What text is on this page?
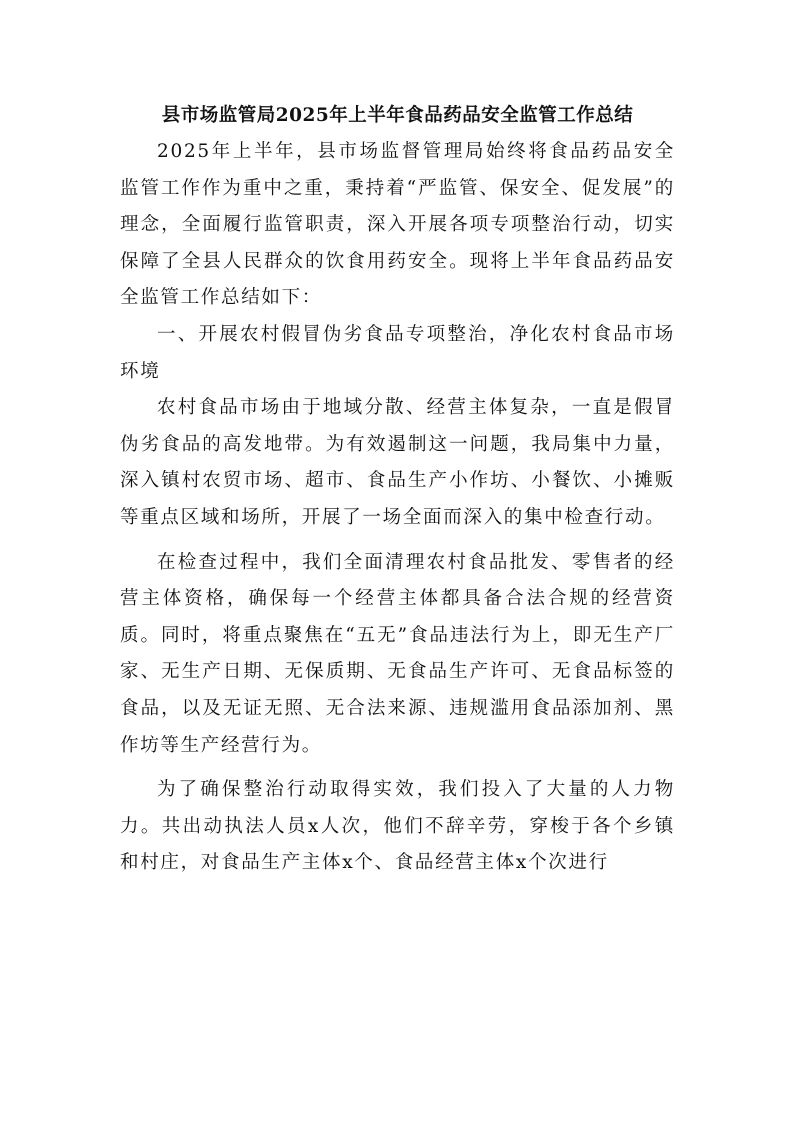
县市场监管局2025年上半年食品药品安全监管工作总结

2025年上半年，县市场监督管理局始终将食品药品安全监管工作作为重中之重，秉持着“严监管、保安全、促发展”的理念，全面履行监管职责，深入开展各项专项整治行动，切实保障了全县人民群众的饮食用药安全。现将上半年食品药品安全监管工作总结如下：

一、开展农村假冒伪劣食品专项整治，净化农村食品市场环境

农村食品市场由于地域分散、经营主体复杂，一直是假冒伪劣食品的高发地带。为有效遏制这一问题，我局集中力量，深入镇村农贸市场、超市、食品生产小作坊、小餐饮、小摊贩等重点区域和场所，开展了一场全面而深入的集中检查行动。

在检查过程中，我们全面清理农村食品批发、零售者的经营主体资格，确保每一个经营主体都具备合法合规的经营资质。同时，将重点聚焦在“五无”食品违法行为上，即无生产厂家、无生产日期、无保质期、无食品生产许可、无食品标签的食品，以及无证无照、无合法来源、违规滥用食品添加剂、黑作坊等生产经营行为。

为了确保整治行动取得实效，我们投入了大量的人力物力。共出动执法人员x人次，他们不辞辛劳，穿梭于各个乡镇和村庄，对食品生产主体x个、食品经营主体x个次进行
